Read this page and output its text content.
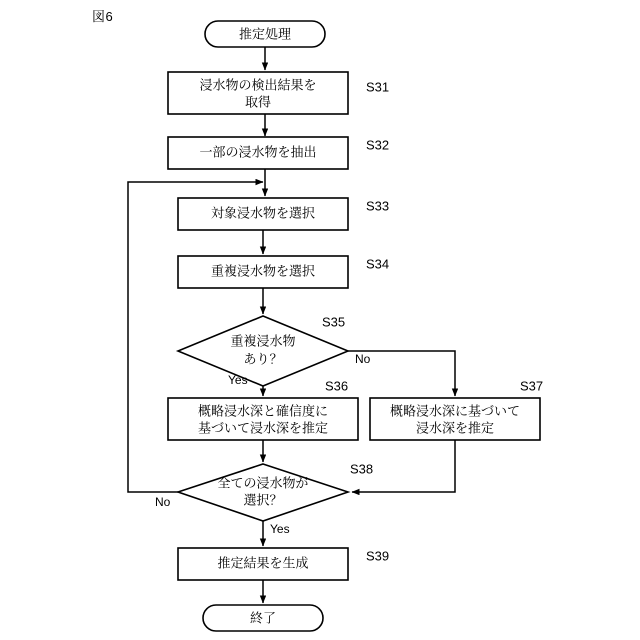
図6
推定処理
浸水物の検出結果を
取得
S31
一部の浸水物を抽出	S32
対象浸水物を選択	S33
重複浸水物を選択	S34
重複浸水物
あり？
S35
Yes
No
概略浸水深と確信度に
基づいて浸水深を推定
S36
概略浸水深に基づいて
浸水深を推定
S37
全ての浸水物が
選択？
S38
No
Yes
推定結果を生成	S39
終了
